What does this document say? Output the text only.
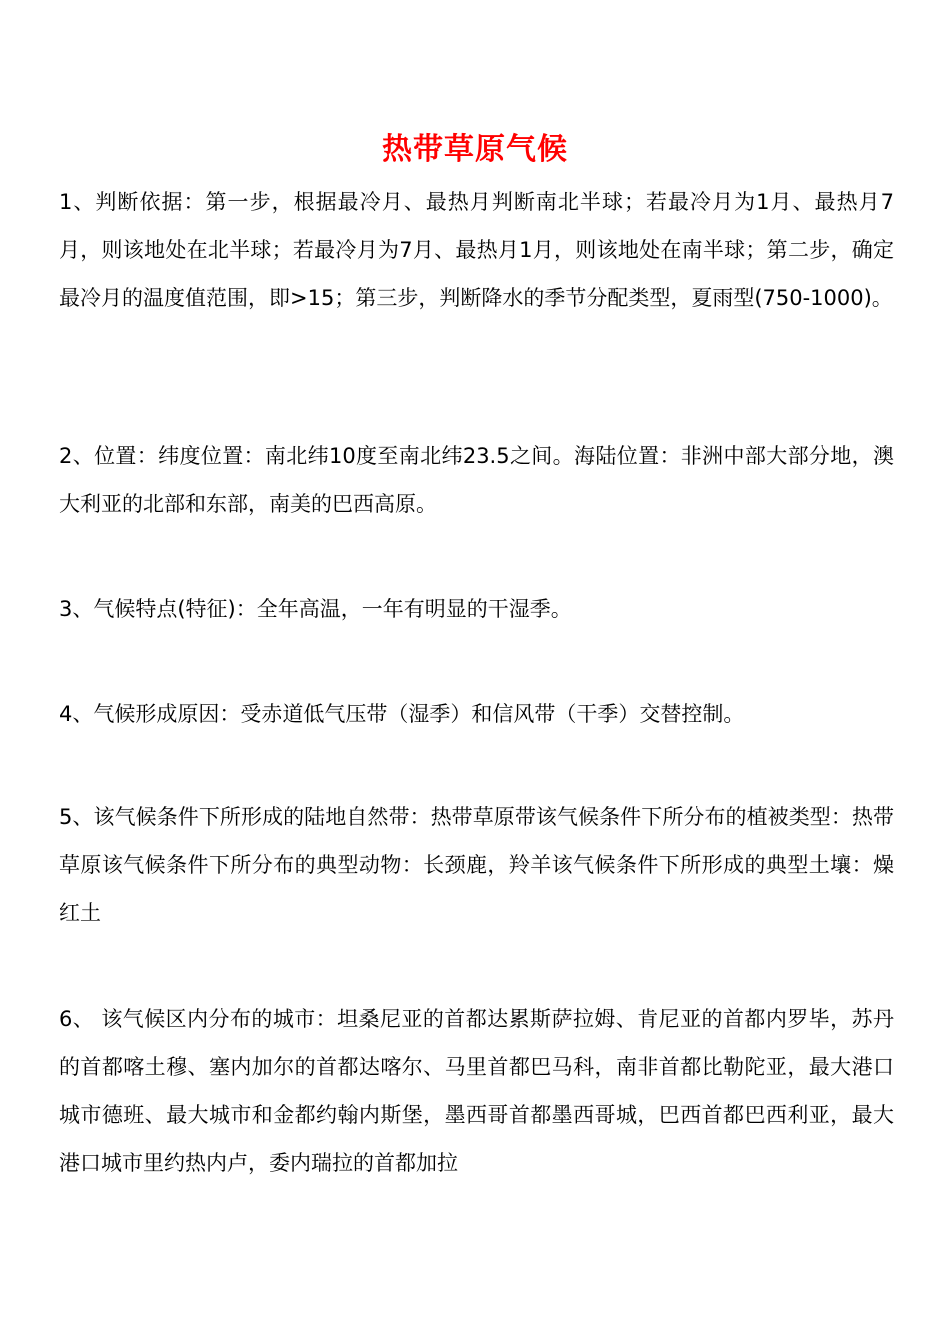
热带草原气候
1、判断依据：第一步，根据最冷月、最热月判断南北半球；若最冷月为1月、最热月7月，则该地处在北半球；若最冷月为7月、最热月1月，则该地处在南半球；第二步，确定最冷月的温度值范围，即>15；第三步，判断降水的季节分配类型，夏雨型(750-1000)。
2、位置：纬度位置：南北纬10度至南北纬23.5之间。海陆位置：非洲中部大部分地，澳大利亚的北部和东部，南美的巴西高原。
3、气候特点(特征)：全年高温，一年有明显的干湿季。
4、气候形成原因：受赤道低气压带（湿季）和信风带（干季）交替控制。
5、该气候条件下所形成的陆地自然带：热带草原带该气候条件下所分布的植被类型：热带草原该气候条件下所分布的典型动物：长颈鹿，羚羊该气候条件下所形成的典型土壤：燥红土
6、 该气候区内分布的城市：坦桑尼亚的首都达累斯萨拉姆、肯尼亚的首都内罗毕，苏丹的首都喀土穆、塞内加尔的首都达喀尔、马里首都巴马科，南非首都比勒陀亚，最大港口城市德班、最大城市和金都约翰内斯堡，墨西哥首都墨西哥城，巴西首都巴西利亚，最大港口城市里约热内卢，委内瑞拉的首都加拉
